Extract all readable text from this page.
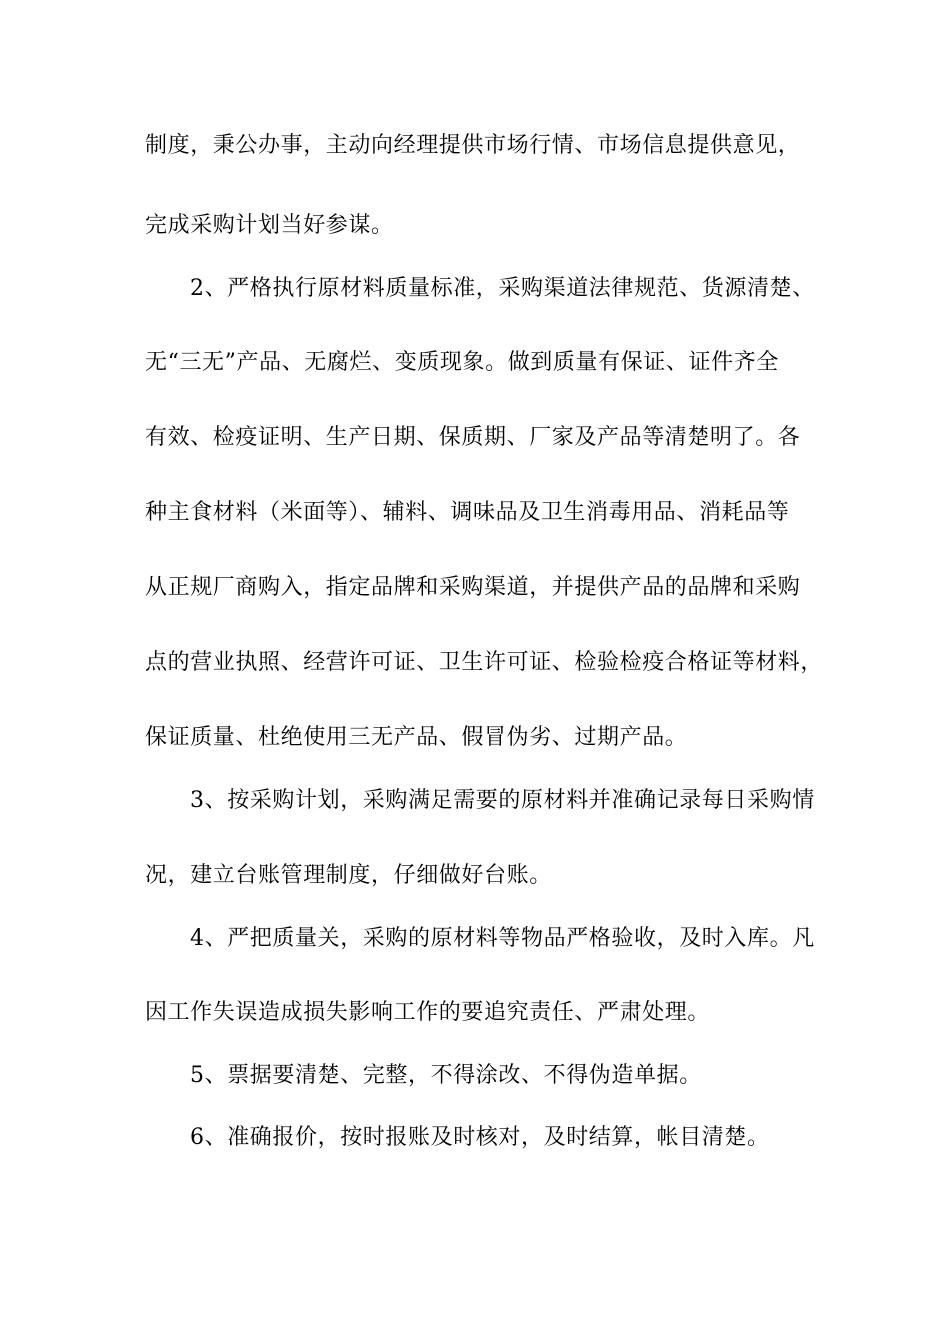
制度，秉公办事，主动向经理提供市场行情、市场信息提供意见，
完成采购计划当好参谋。
2、严格执行原材料质量标准，采购渠道法律规范、货源清楚、
无“三无”产品、无腐烂、变质现象。做到质量有保证、证件齐全
有效、检疫证明、生产日期、保质期、厂家及产品等清楚明了。各
种主食材料（米面等）、辅料、调味品及卫生消毒用品、消耗品等
从正规厂商购入，指定品牌和采购渠道，并提供产品的品牌和采购
点的营业执照、经营许可证、卫生许可证、检验检疫合格证等材料，
保证质量、杜绝使用三无产品、假冒伪劣、过期产品。
3、按采购计划，采购满足需要的原材料并准确记录每日采购情
况，建立台账管理制度，仔细做好台账。
4、严把质量关，采购的原材料等物品严格验收，及时入库。凡
因工作失误造成损失影响工作的要追究责任、严肃处理。
5、票据要清楚、完整，不得涂改、不得伪造单据。
6、准确报价，按时报账及时核对，及时结算，帐目清楚。
